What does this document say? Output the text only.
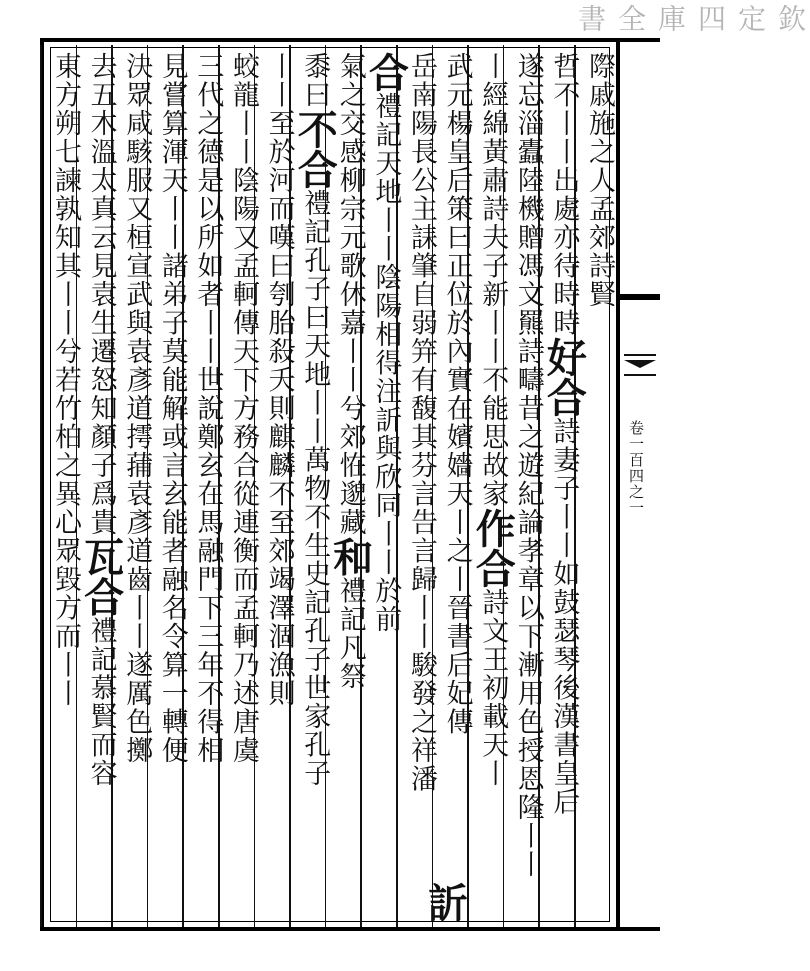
欽定四庫全書
卷一百四之一
際戚施之人孟郊詩賢
哲不丨丨出處亦待時時好合詩妻子丨丨如鼓瑟琴後漢書皇后
遂忘淄蠹陸機贈馮文羆詩疇昔之遊紀論孝章以下漸用色授恩隆丨丨
丨經綿黃肅詩夫子新丨丨不能思故家作合詩文王初載天丨
武元楊皇后策曰正位於內實在嬪嬙天丨之丨晉書后妃傳
岳南陽長公主誄肇自弱笄有馥其芬言告言歸丨丨駿發之祥潘
合禮記天地丨丨陰陽相得注訢與欣同丨丨於前
氣之交感柳宗元歌休嘉丨丨兮郊恠邈藏和禮記凡祭
黍曰不合禮記孔子曰天地丨丨萬物不生史記孔子世家孔子
丨丨至於河而嘆曰刳胎殺夭則麒麟不至郊竭澤涸漁則
蛟龍丨丨陰陽又孟軻傳天下方務合從連衡而孟軻乃述唐虞
三代之德是以所如者丨丨世說鄭玄在馬融門下三年不得相
見嘗算渾天丨丨諸弟子莫能解或言玄能者融名令算一轉便
決眾咸駭服又桓宣武與袁彥道摴蒱袁彥道齒丨丨遂厲色擲
去五木溫太真云見袁生遷怒知顏子爲貴瓦合禮記慕賢而容
東方朔七諫孰知其丨丨兮若竹柏之異心眾毀方而丨丨
訢
